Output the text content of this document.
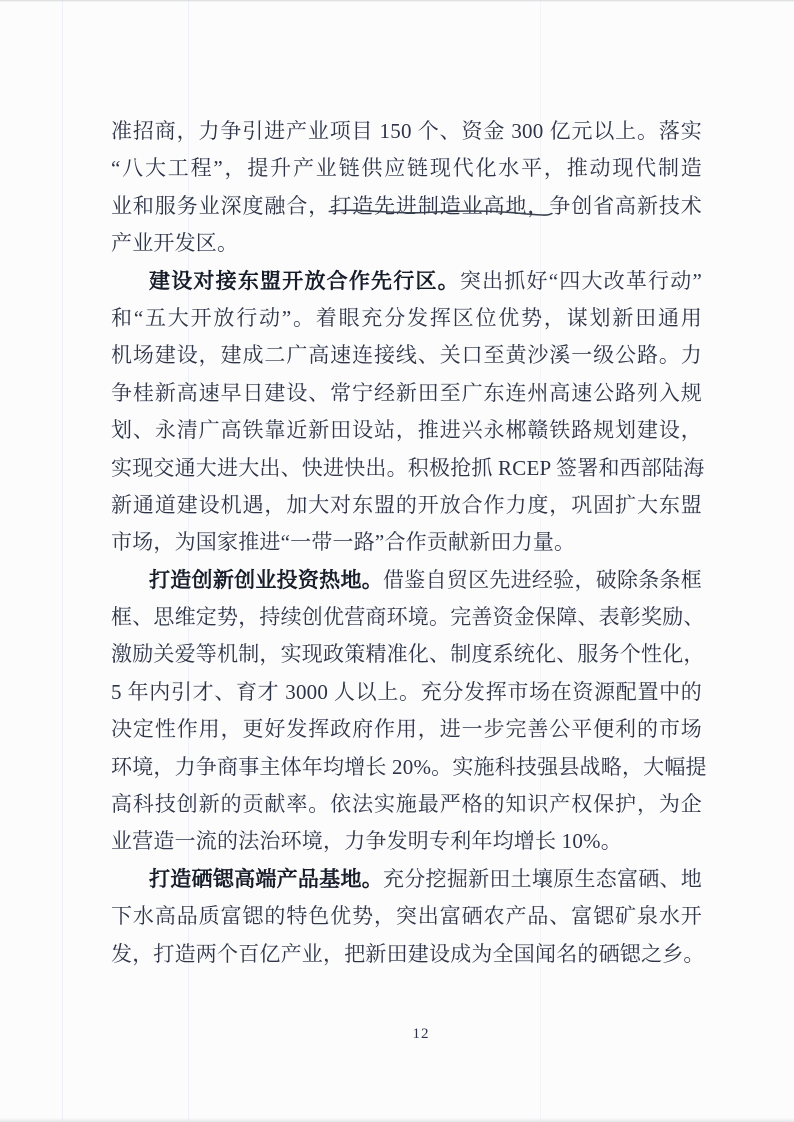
准招商，力争引进产业项目 150 个、资金 300 亿元以上。落实
“八大工程”，提升产业链供应链现代化水平，推动现代制造
业和服务业深度融合，打造先进制造业高地，
争创省高新技术
产业开发区。
建设对接东盟开放合作先行区。突出抓好“四大改革行动”
和“五大开放行动”。着眼充分发挥区位优势，谋划新田通用
机场建设，建成二广高速连接线、关口至黄沙溪一级公路。力
争桂新高速早日建设、常宁经新田至广东连州高速公路列入规
划、永清广高铁靠近新田设站，推进兴永郴赣铁路规划建设，
实现交通大进大出、快进快出。积极抢抓 RCEP 签署和西部陆海
新通道建设机遇，加大对东盟的开放合作力度，巩固扩大东盟
市场，为国家推进“一带一路”合作贡献新田力量。
打造创新创业投资热地。借鉴自贸区先进经验，破除条条框
框、思维定势，持续创优营商环境。完善资金保障、表彰奖励、
激励关爱等机制，实现政策精准化、制度系统化、服务个性化，
5 年内引才、育才 3000 人以上。充分发挥市场在资源配置中的
决定性作用，更好发挥政府作用，进一步完善公平便利的市场
环境，力争商事主体年均增长 20%。实施科技强县战略，大幅提
高科技创新的贡献率。依法实施最严格的知识产权保护，为企
业营造一流的法治环境，力争发明专利年均增长 10%。
打造硒锶高端产品基地。充分挖掘新田土壤原生态富硒、地
下水高品质富锶的特色优势，突出富硒农产品、富锶矿泉水开
发，打造两个百亿产业，把新田建设成为全国闻名的硒锶之乡。
12
